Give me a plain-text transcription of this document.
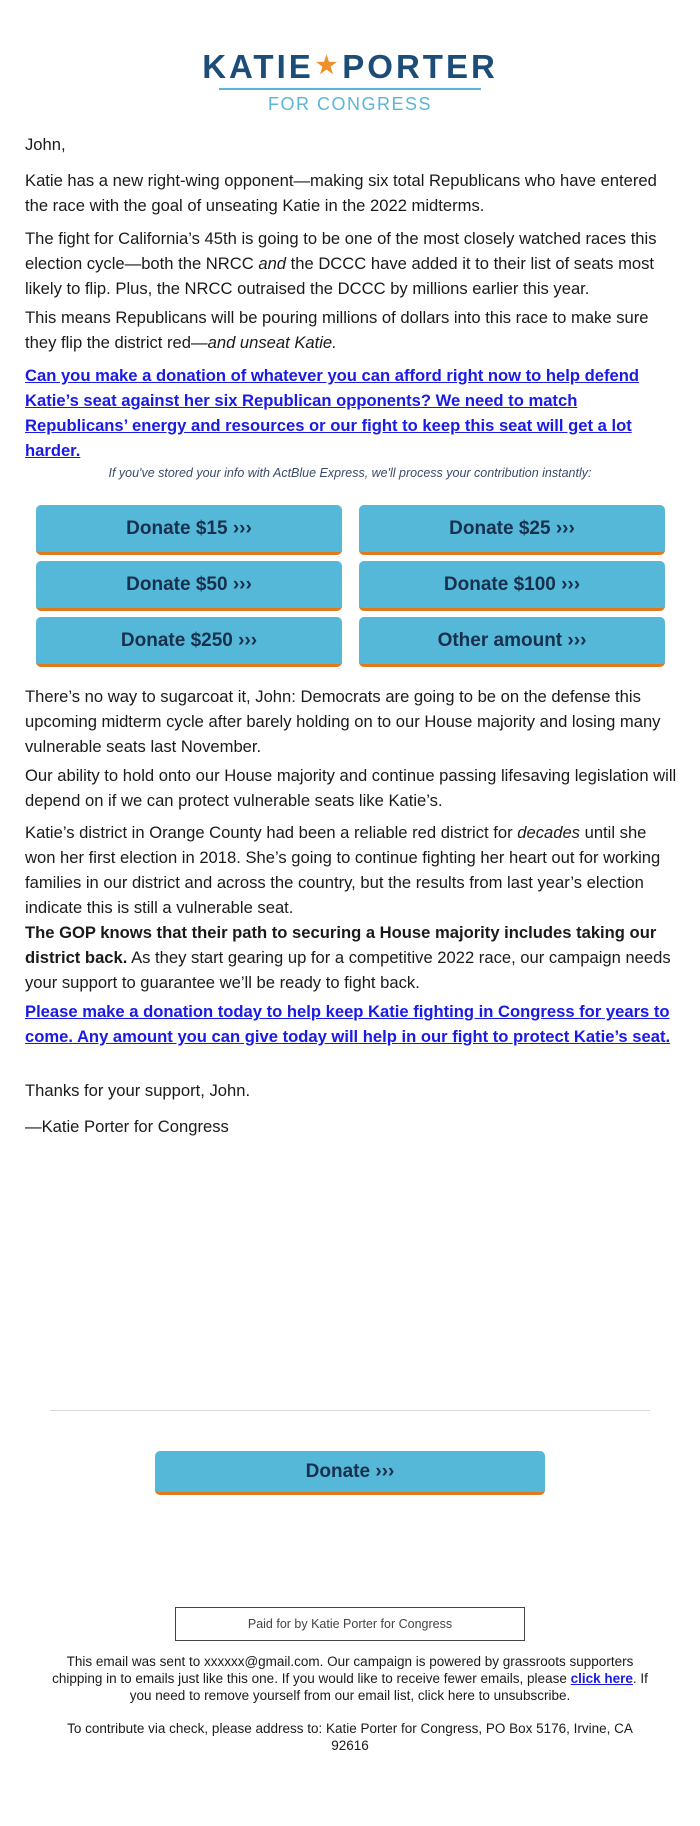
KATIE★PORTER
FOR CONGRESS

John,

Katie has a new right-wing opponent—making six total Republicans who have entered the race with the goal of unseating Katie in the 2022 midterms.

The fight for California’s 45th is going to be one of the most closely watched races this election cycle—both the NRCC and the DCCC have added it to their list of seats most likely to flip. Plus, the NRCC outraised the DCCC by millions earlier this year.

This means Republicans will be pouring millions of dollars into this race to make sure they flip the district red—and unseat Katie.

Can you make a donation of whatever you can afford right now to help defend Katie’s seat against her six Republican opponents? We need to match Republicans’ energy and resources or our fight to keep this seat will get a lot harder.

If you've stored your info with ActBlue Express, we'll process your contribution instantly:
Donate $15 ›››	Donate $25 ›››
Donate $50 ›››	Donate $100 ›››
Donate $250 ›››	Other amount ›››

There’s no way to sugarcoat it, John: Democrats are going to be on the defense this upcoming midterm cycle after barely holding on to our House majority and losing many vulnerable seats last November.

Our ability to hold onto our House majority and continue passing lifesaving legislation will depend on if we can protect vulnerable seats like Katie’s.

Katie’s district in Orange County had been a reliable red district for decades until she won her first election in 2018. She’s going to continue fighting her heart out for working families in our district and across the country, but the results from last year’s election indicate this is still a vulnerable seat.

The GOP knows that their path to securing a House majority includes taking our district back. As they start gearing up for a competitive 2022 race, our campaign needs your support to guarantee we’ll be ready to fight back.

Please make a donation today to help keep Katie fighting in Congress for years to come. Any amount you can give today will help in our fight to protect Katie’s seat.

Thanks for your support, John.

—Katie Porter for Congress

Donate ›››
Paid for by Katie Porter for Congress
This email was sent to xxxxxx@gmail.com. Our campaign is powered by grassroots supporters chipping in to emails just like this one. If you would like to receive fewer emails, please click here. If you need to remove yourself from our email list, click here to unsubscribe.
To contribute via check, please address to: Katie Porter for Congress, PO Box 5176, Irvine, CA 92616
